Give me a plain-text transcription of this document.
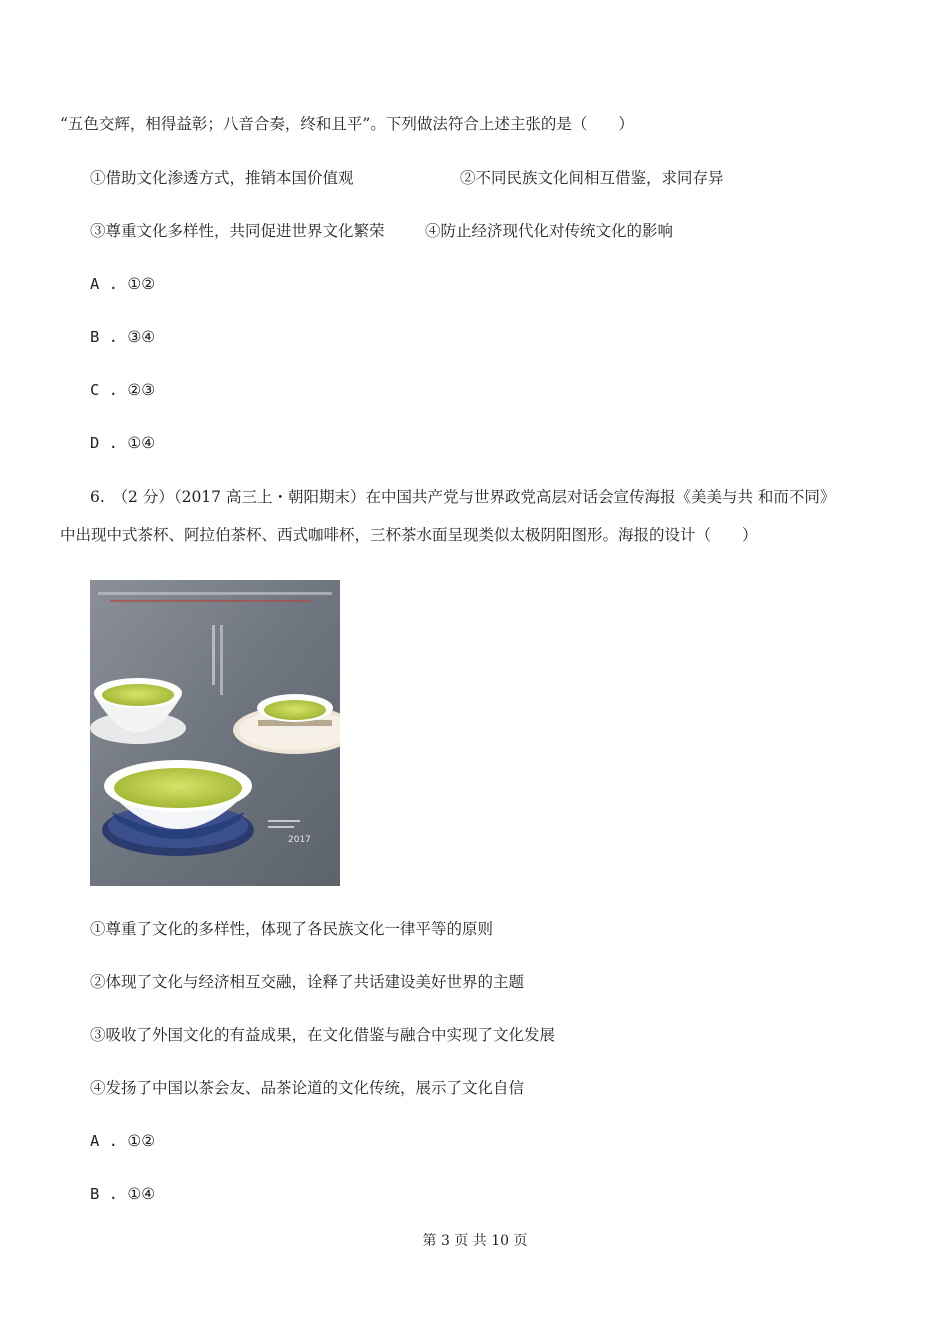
“五色交辉，相得益彰；八音合奏，终和且平”。下列做法符合上述主张的是（　　）
①借助文化渗透方式，推销本国价值观	②不同民族文化间相互借鉴，求同存异
③尊重文化多样性，共同促进世界文化繁荣	④防止经济现代化对传统文化的影响
A . ①②
B . ③④
C . ②③
D . ①④
6.　（2 分）（2017 高三上・朝阳期末）在中国共产党与世界政党高层对话会宣传海报《美美与共 和而不同》
中出现中式茶杯、阿拉伯茶杯、西式咖啡杯，三杯茶水面呈现类似太极阴阳图形。海报的设计（　　）
2017
①尊重了文化的多样性，体现了各民族文化一律平等的原则
②体现了文化与经济相互交融，诠释了共话建设美好世界的主题
③吸收了外国文化的有益成果，在文化借鉴与融合中实现了文化发展
④发扬了中国以茶会友、品茶论道的文化传统，展示了文化自信
A . ①②
B . ①④
第 3 页 共 10 页
